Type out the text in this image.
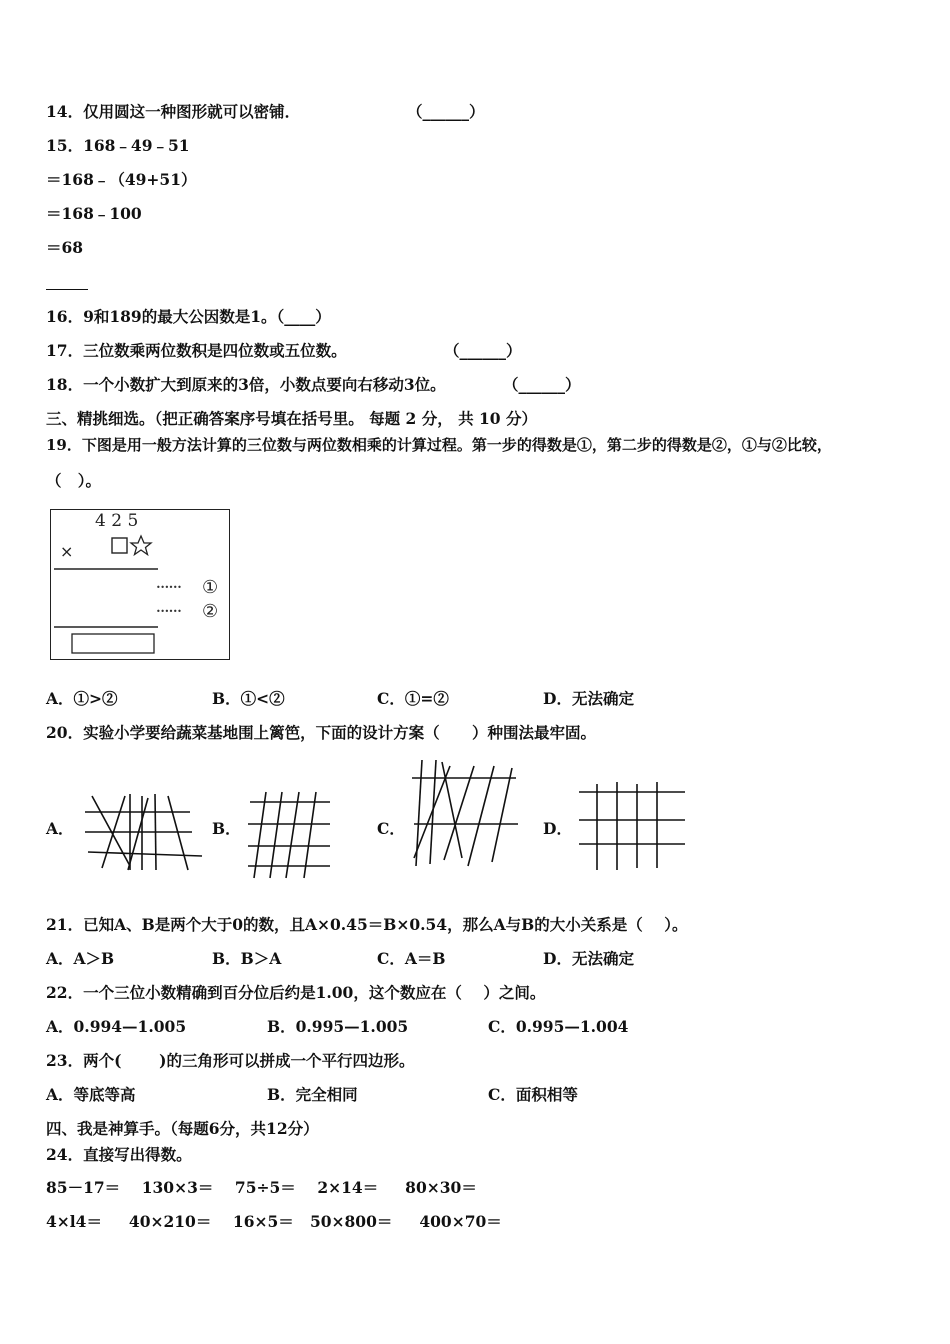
14．仅用圆这一种图形就可以密铺．	（______）
15．168﹣49﹣51
＝168﹣（49+51）
＝168﹣100
＝68
16．9和189的最大公因数是1。（____）
17．三位数乘两位数积是四位数或五位数。	（______）
18．一个小数扩大到原来的3倍，小数点要向右移动3位。	（______）
三、精挑细选。（把正确答案序号填在括号里。 每题 2 分， 共 10 分）
19．下图是用一般方法计算的三位数与两位数相乘的计算过程。第一步的得数是①，第二步的得数是②，①与②比较，
（   ）。
4 2 5
×
•••••• ①
•••••• ②
A．①>②	B．①<②	C．①=②	D．无法确定
20．实验小学要给蔬菜基地围上篱笆，下面的设计方案（      ）种围法最牢固。
A．	B．	C．	D．
21．已知A、B是两个大于0的数，且A×0.45＝B×0.54，那么A与B的大小关系是（    ）。
A．A＞B	B．B＞A	C．A＝B	D．无法确定
22．一个三位小数精确到百分位后约是1.00，这个数应在（    ）之间。
A．0.994—1.005	B．0.995—1.005	C．0.995—1.004
23．两个(       )的三角形可以拼成一个平行四边形。
A．等底等高	B．完全相同	C．面积相等
四、我是神算手。（每题6分，共12分）
24．直接写出得数。
85－17＝    130×3＝    75÷5＝    2×14＝     80×30＝
4×l4＝     40×210＝    16×5＝   50×800＝     400×70＝
